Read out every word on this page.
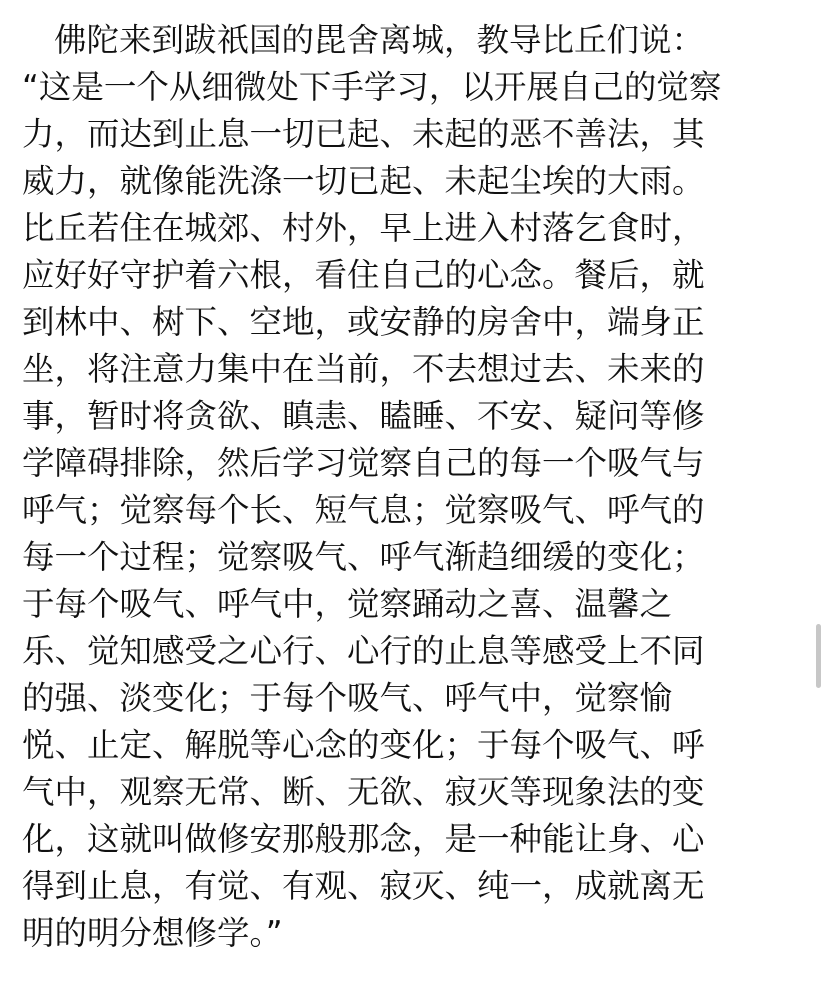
佛陀来到跋祇国的毘舍离城，教导比丘们说：
“这是一个从细微处下手学习，以开展自己的觉察
力，而达到止息一切已起、未起的恶不善法，其
威力，就像能洗涤一切已起、未起尘埃的大雨。
比丘若住在城郊、村外，早上进入村落乞食时，
应好好守护着六根，看住自己的心念。餐后，就
到林中、树下、空地，或安静的房舍中，端身正
坐，将注意力集中在当前，不去想过去、未来的
事，暂时将贪欲、瞋恚、瞌睡、不安、疑问等修
学障碍排除，然后学习觉察自己的每一个吸气与
呼气；觉察每个长、短气息；觉察吸气、呼气的
每一个过程；觉察吸气、呼气渐趋细缓的变化；
于每个吸气、呼气中，觉察踊动之喜、温馨之
乐、觉知感受之心行、心行的止息等感受上不同
的强、淡变化；于每个吸气、呼气中，觉察愉
悦、止定、解脱等心念的变化；于每个吸气、呼
气中，观察无常、断、无欲、寂灭等现象法的变
化，这就叫做修安那般那念，是一种能让身、心
得到止息，有觉、有观、寂灭、纯一，成就离无
明的明分想修学。”
